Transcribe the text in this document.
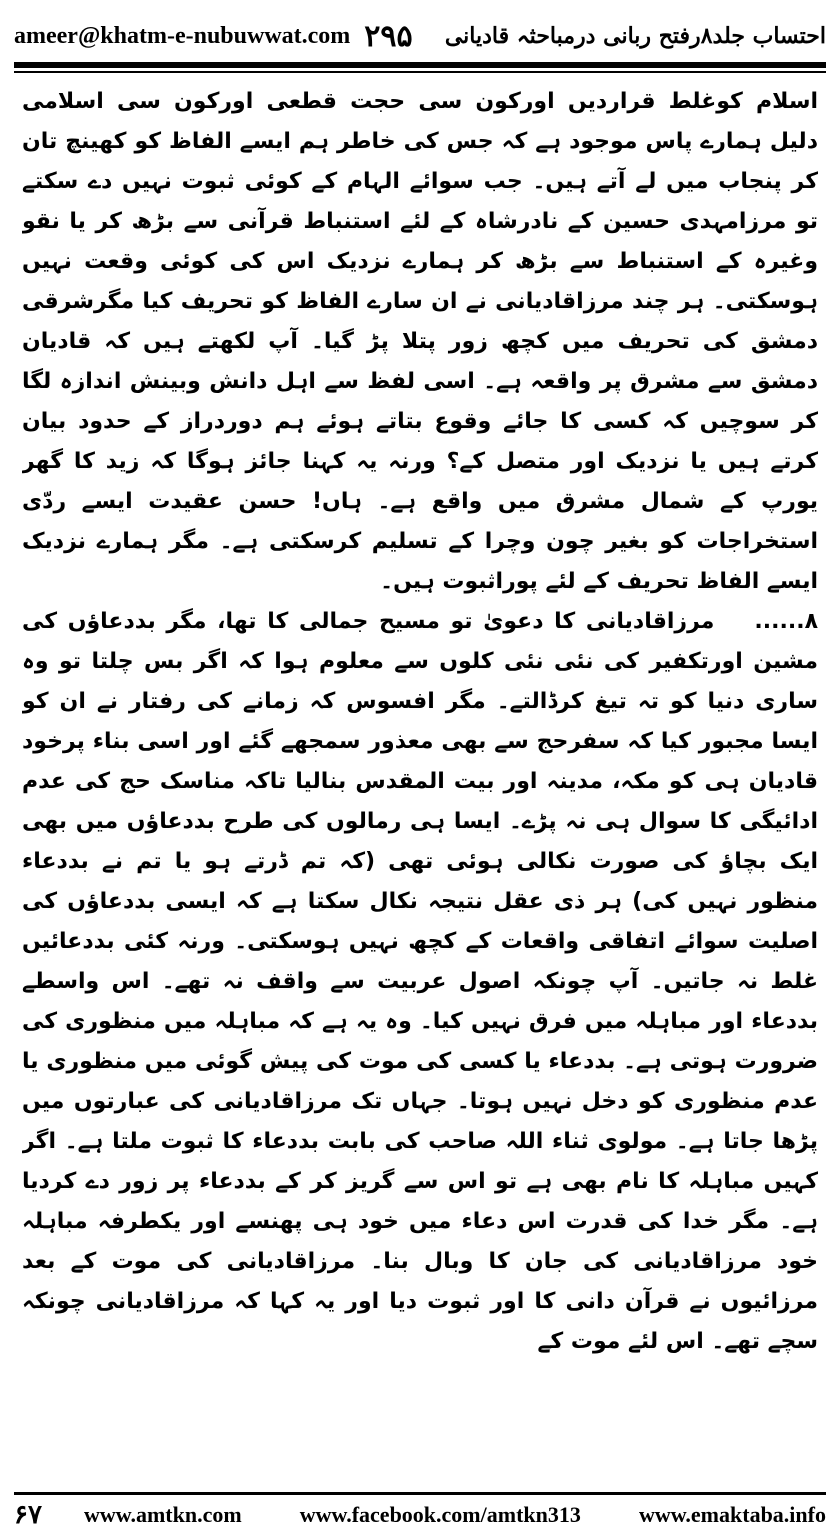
ameer@khatm-e-nubuwwat.com ۲۹۵ احتساب جلد۸رفتح ربانی درمباحثہ قادیانی

اسلام کوغلط قراردیں اورکون سی حجت قطعی اورکون سی اسلامی دلیل ہمارے پاس موجود ہے کہ جس کی خاطر ہم ایسے الفاظ کو کھینچ تان کر پنجاب میں لے آتے ہیں۔ جب سوائے الہام کے کوئی ثبوت نہیں دے سکتے تو مرزامہدی حسین کے نادرشاہ کے لئے استنباط قرآنی سے بڑھ کر یا نقو وغیرہ کے استنباط سے بڑھ کر ہمارے نزدیک اس کی کوئی وقعت نہیں ہوسکتی۔ ہر چند مرزاقادیانی نے ان سارے الفاظ کو تحریف کیا مگرشرقی دمشق کی تحریف میں کچھ زور پتلا پڑ گیا۔ آپ لکھتے ہیں کہ قادیان دمشق سے مشرق پر واقعہ ہے۔ اسی لفظ سے اہل دانش وبینش اندازہ لگا کر سوچیں کہ کسی کا جائے وقوع بتاتے ہوئے ہم دوردراز کے حدود بیان کرتے ہیں یا نزدیک اور متصل کے؟ ورنہ یہ کہنا جائز ہوگا کہ زید کا گھر یورپ کے شمال مشرق میں واقع ہے۔ ہاں! حسن عقیدت ایسے ردّی استخراجات کو بغیر چون وچرا کے تسلیم کرسکتی ہے۔ مگر ہمارے نزدیک ایسے الفاظ تحریف کے لئے پوراثبوت ہیں۔

۸......مرزاقادیانی کا دعویٰ تو مسیح جمالی کا تھا، مگر بددعاؤں کی مشین اورتکفیر کی نئی نئی کلوں سے معلوم ہوا کہ اگر بس چلتا تو وہ ساری دنیا کو تہ تیغ کرڈالتے۔ مگر افسوس کہ زمانے کی رفتار نے ان کو ایسا مجبور کیا کہ سفرحج سے بھی معذور سمجھے گئے اور اسی بناء پرخود قادیان ہی کو مکہ، مدینہ اور بیت المقدس بنالیا تاکہ مناسک حج کی عدم ادائیگی کا سوال ہی نہ پڑے۔ ایسا ہی رمالوں کی طرح بددعاؤں میں بھی ایک بچاؤ کی صورت نکالی ہوئی تھی (کہ تم ڈرتے ہو یا تم نے بددعاء منظور نہیں کی) ہر ذی عقل نتیجہ نکال سکتا ہے کہ ایسی بددعاؤں کی اصلیت سوائے اتفاقی واقعات کے کچھ نہیں ہوسکتی۔ ورنہ کئی بددعائیں غلط نہ جاتیں۔ آپ چونکہ اصول عربیت سے واقف نہ تھے۔ اس واسطے بددعاء اور مباہلہ میں فرق نہیں کیا۔ وہ یہ ہے کہ مباہلہ میں منظوری کی ضرورت ہوتی ہے۔ بددعاء یا کسی کی موت کی پیش گوئی میں منظوری یا عدم منظوری کو دخل نہیں ہوتا۔ جہاں تک مرزاقادیانی کی عبارتوں میں پڑھا جاتا ہے۔ مولوی ثناء اللہ صاحب کی بابت بددعاء کا ثبوت ملتا ہے۔ اگر کہیں مباہلہ کا نام بھی ہے تو اس سے گریز کر کے بددعاء پر زور دے کردیا ہے۔ مگر خدا کی قدرت اس دعاء میں خود ہی پھنسے اور یکطرفہ مباہلہ خود مرزاقادیانی کی جان کا وبال بنا۔ مرزاقادیانی کی موت کے بعد مرزائیوں نے قرآن دانی کا اور ثبوت دیا اور یہ کہا کہ مرزاقادیانی چونکہ سچے تھے۔ اس لئے موت کے

۶۷	www.amtkn.com	www.facebook.com/amtkn313	www.emaktaba.info
